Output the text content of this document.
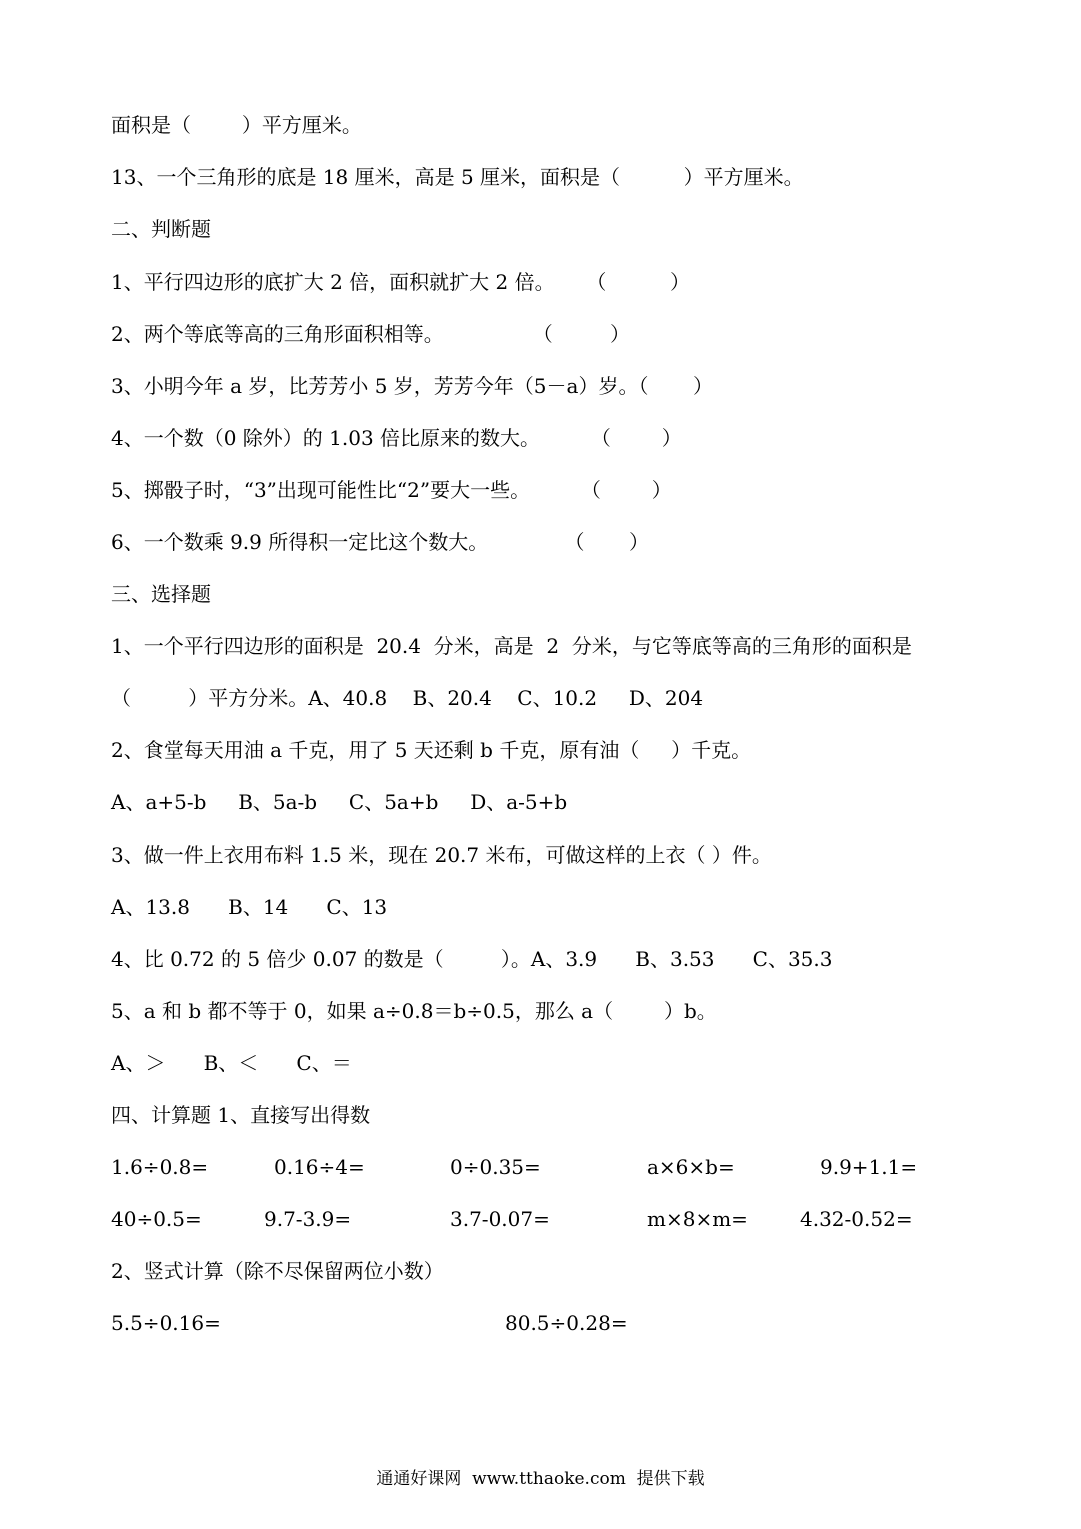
面积是（        ）平方厘米。
13、一个三角形的底是 18 厘米，高是 5 厘米，面积是（          ）平方厘米。
二、判断题
1、平行四边形的底扩大 2 倍，面积就扩大 2 倍。     （          ）
2、两个等底等高的三角形面积相等。              （         ）
3、小明今年 a 岁，比芳芳小 5 岁，芳芳今年（5－a）岁。（       ）
4、一个数（0 除外）的 1.03 倍比原来的数大。        （        ）
5、掷骰子时，“3”出现可能性比“2”要大一些。        （        ）
6、一个数乘 9.9 所得积一定比这个数大。            （       ）
三、选择题
1、一个平行四边形的面积是  20.4  分米，高是  2  分米，与它等底等高的三角形的面积是
（         ）平方分米。A、40.8    B、20.4    C、10.2     D、204
2、食堂每天用油 a 千克，用了 5 天还剩 b 千克，原有油（     ）千克。
A、a+5-b     B、5a-b     C、5a+b     D、a-5+b
3、做一件上衣用布料 1.5 米，现在 20.7 米布，可做这样的上衣（ ）件。
A、13.8      B、14      C、13
4、比 0.72 的 5 倍少 0.07 的数是（         ）。A、3.9      B、3.53      C、35.3
5、a 和 b 都不等于 0，如果 a÷0.8＝b÷0.5，那么 a（        ）b。
A、＞      B、＜      C、＝
四、计算题 1、直接写出得数
1.6÷0.8=	0.16÷4=	0÷0.35=	a×6×b=	9.9+1.1=
40÷0.5=	9.7-3.9=	3.7-0.07=	m×8×m=	4.32-0.52=
2、竖式计算（除不尽保留两位小数）
5.5÷0.16=	80.5÷0.28=
通通好课网  www.tthaoke.com  提供下载
